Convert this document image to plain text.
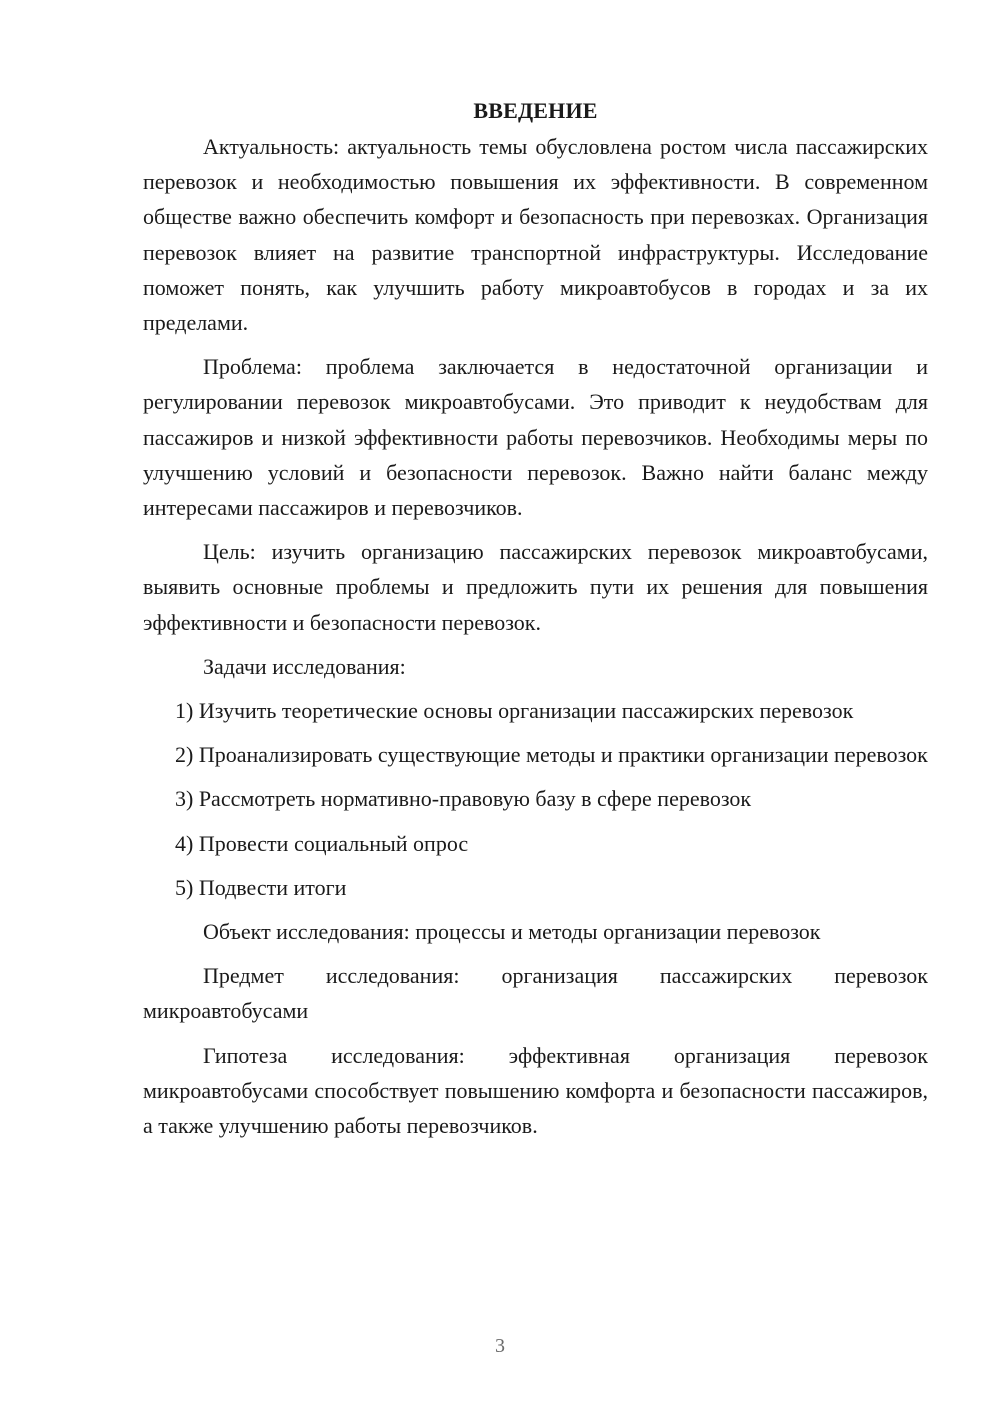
ВВЕДЕНИЕ

Актуальность: актуальность темы обусловлена ростом числа пассажирских перевозок и необходимостью повышения их эффективности. В современном обществе важно обеспечить комфорт и безопасность при перевозках. Организация перевозок влияет на развитие транспортной инфраструктуры. Исследование поможет понять, как улучшить работу микроавтобусов в городах и за их пределами.

Проблема: проблема заключается в недостаточной организации и регулировании перевозок микроавтобусами. Это приводит к неудобствам для пассажиров и низкой эффективности работы перевозчиков. Необходимы меры по улучшению условий и безопасности перевозок. Важно найти баланс между интересами пассажиров и перевозчиков.

Цель: изучить организацию пассажирских перевозок микроавтобусами, выявить основные проблемы и предложить пути их решения для повышения эффективности и безопасности перевозок.

Задачи исследования:

1) Изучить теоретические основы организации пассажирских перевозок

2) Проанализировать существующие методы и практики организации перевозок

3) Рассмотреть нормативно-правовую базу в сфере перевозок

4) Провести социальный опрос

5) Подвести итоги

Объект исследования: процессы и методы организации перевозок

Предмет исследования: организация пассажирских перевозок микроавтобусами

Гипотеза исследования: эффективная организация перевозок микроавтобусами способствует повышению комфорта и безопасности пассажиров, а также улучшению работы перевозчиков.

3
